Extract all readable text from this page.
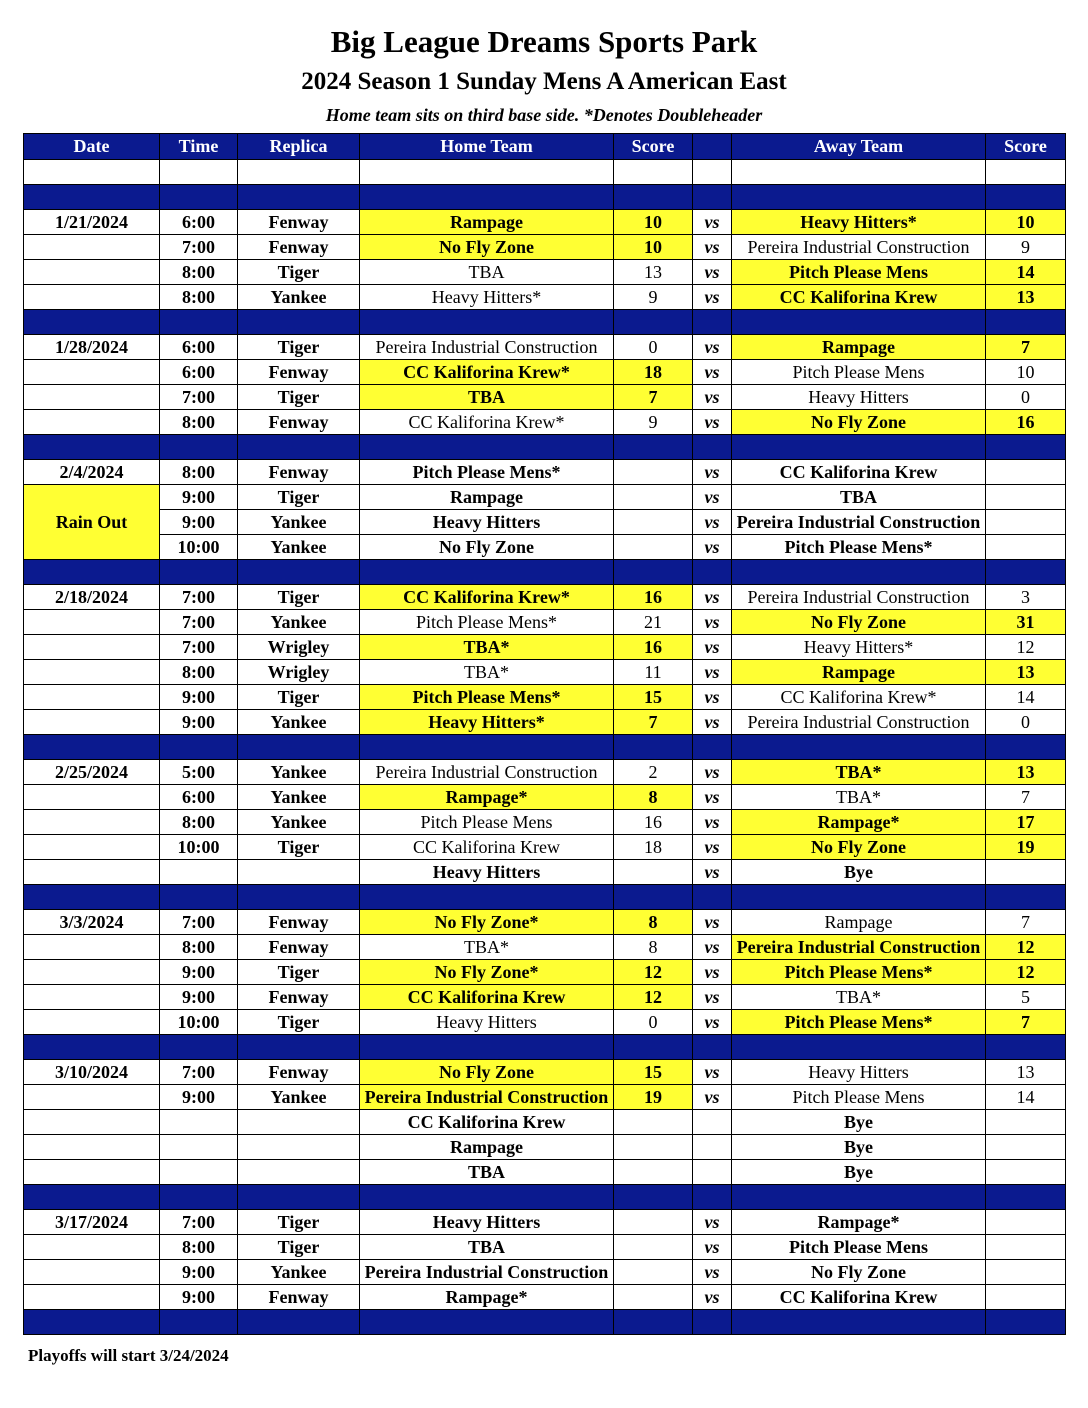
Big League Dreams Sports Park
2024 Season 1 Sunday Mens A American East
Home team sits on third base side. *Denotes Doubleheader
Date	Time	Replica	Home Team	Score		Away Team	Score

1/21/2024	6:00	Fenway	Rampage	10	vs	Heavy Hitters*	10
	7:00	Fenway	No Fly Zone	10	vs	Pereira Industrial Construction	9
	8:00	Tiger	TBA	13	vs	Pitch Please Mens	14
	8:00	Yankee	Heavy Hitters*	9	vs	CC Kaliforina Krew	13

1/28/2024	6:00	Tiger	Pereira Industrial Construction	0	vs	Rampage	7
	6:00	Fenway	CC Kaliforina Krew*	18	vs	Pitch Please Mens	10
	7:00	Tiger	TBA	7	vs	Heavy Hitters	0
	8:00	Fenway	CC Kaliforina Krew*	9	vs	No Fly Zone	16

2/4/2024	8:00	Fenway	Pitch Please Mens*		vs	CC Kaliforina Krew	
Rain Out	9:00	Tiger	Rampage		vs	TBA	
	9:00	Yankee	Heavy Hitters		vs	Pereira Industrial Construction	
	10:00	Yankee	No Fly Zone		vs	Pitch Please Mens*	

2/18/2024	7:00	Tiger	CC Kaliforina Krew*	16	vs	Pereira Industrial Construction	3
	7:00	Yankee	Pitch Please Mens*	21	vs	No Fly Zone	31
	7:00	Wrigley	TBA*	16	vs	Heavy Hitters*	12
	8:00	Wrigley	TBA*	11	vs	Rampage	13
	9:00	Tiger	Pitch Please Mens*	15	vs	CC Kaliforina Krew*	14
	9:00	Yankee	Heavy Hitters*	7	vs	Pereira Industrial Construction	0

2/25/2024	5:00	Yankee	Pereira Industrial Construction	2	vs	TBA*	13
	6:00	Yankee	Rampage*	8	vs	TBA*	7
	8:00	Yankee	Pitch Please Mens	16	vs	Rampage*	17
	10:00	Tiger	CC Kaliforina Krew	18	vs	No Fly Zone	19
			Heavy Hitters		vs	Bye	

3/3/2024	7:00	Fenway	No Fly Zone*	8	vs	Rampage	7
	8:00	Fenway	TBA*	8	vs	Pereira Industrial Construction	12
	9:00	Tiger	No Fly Zone*	12	vs	Pitch Please Mens*	12
	9:00	Fenway	CC Kaliforina Krew	12	vs	TBA*	5
	10:00	Tiger	Heavy Hitters	0	vs	Pitch Please Mens*	7

3/10/2024	7:00	Fenway	No Fly Zone	15	vs	Heavy Hitters	13
	9:00	Yankee	Pereira Industrial Construction	19	vs	Pitch Please Mens	14
			CC Kaliforina Krew			Bye	
			Rampage			Bye	
			TBA			Bye	

3/17/2024	7:00	Tiger	Heavy Hitters		vs	Rampage*	
	8:00	Tiger	TBA		vs	Pitch Please Mens	
	9:00	Yankee	Pereira Industrial Construction		vs	No Fly Zone	
	9:00	Fenway	Rampage*		vs	CC Kaliforina Krew	

Playoffs will start 3/24/2024
